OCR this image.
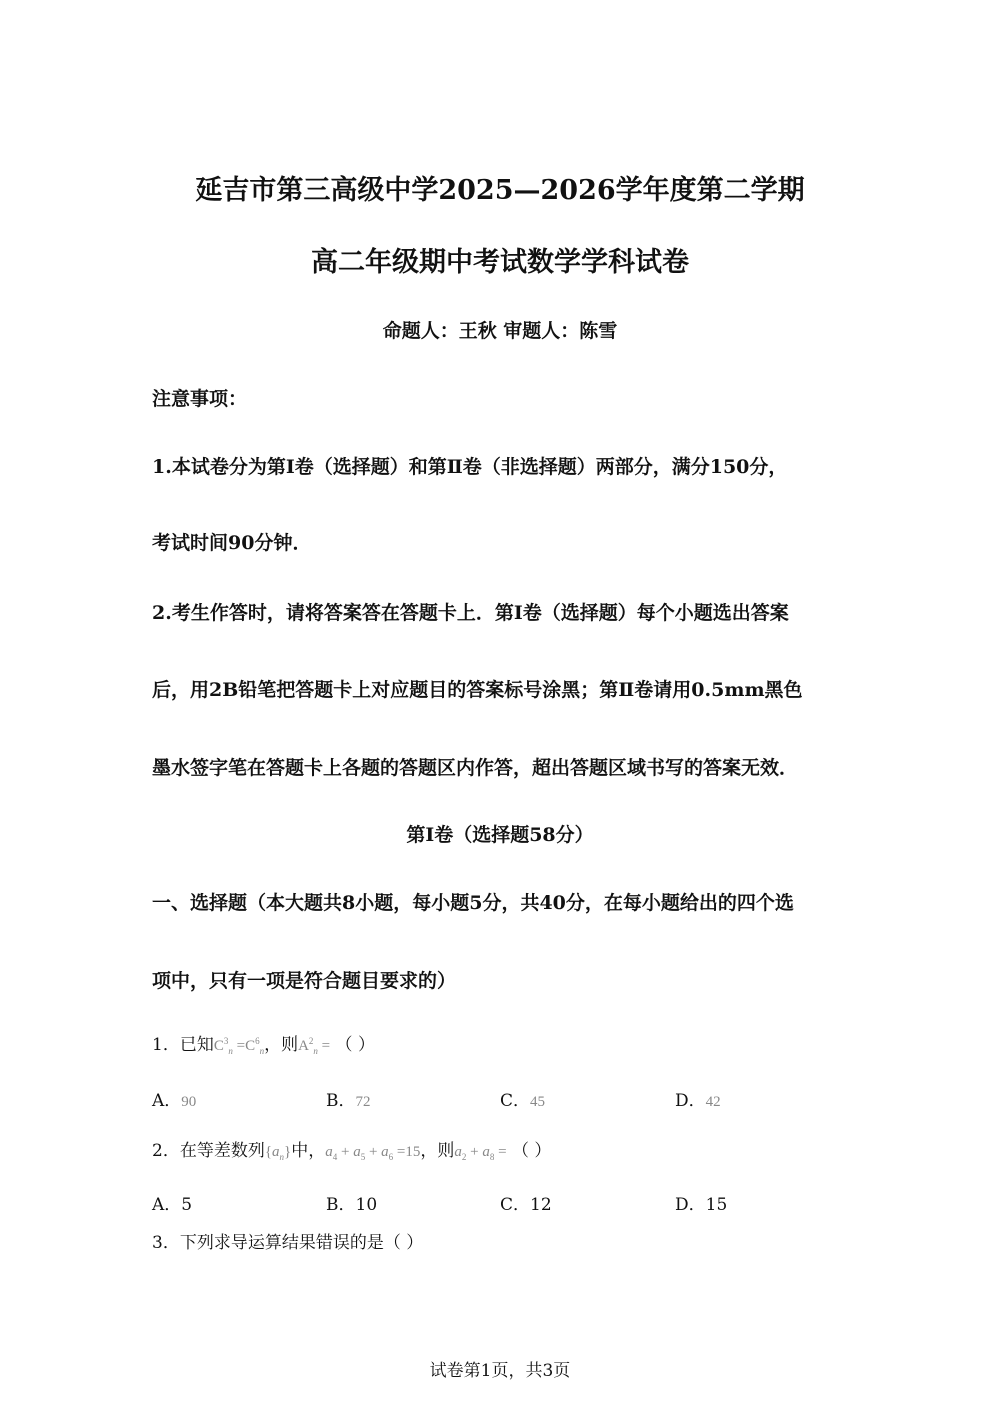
延吉市第三高级中学2025—2026学年度第二学期
高二年级期中考试数学学科试卷
命题人：王秋 审题人：陈雪
注意事项：
1.本试卷分为第Ⅰ卷（选择题）和第Ⅱ卷（非选择题）两部分，满分150分，
考试时间90分钟．
2.考生作答时，请将答案答在答题卡上．第Ⅰ卷（选择题）每个小题选出答案
后，用2B铅笔把答题卡上对应题目的答案标号涂黑；第Ⅱ卷请用0.5mm黑色
墨水签字笔在答题卡上各题的答题区内作答，超出答题区域书写的答案无效．
第Ⅰ卷（选择题58分）
一、选择题（本大题共8小题，每小题5分，共40分，在每小题给出的四个选
项中，只有一项是符合题目要求的）
1．已知$C^3_n =C^6_n$，则$A^2_n$ = （ ）
A．90	B．72	C．45	D．42
2．在等差数列$\{a_n\}$中，$a_4 + a_5 + a_6 =15$，则$a_2 + a_8$ = （ ）
A．5	B．10	C．12	D．15
3．下列求导运算结果错误的是（ ）
试卷第1页，共3页
